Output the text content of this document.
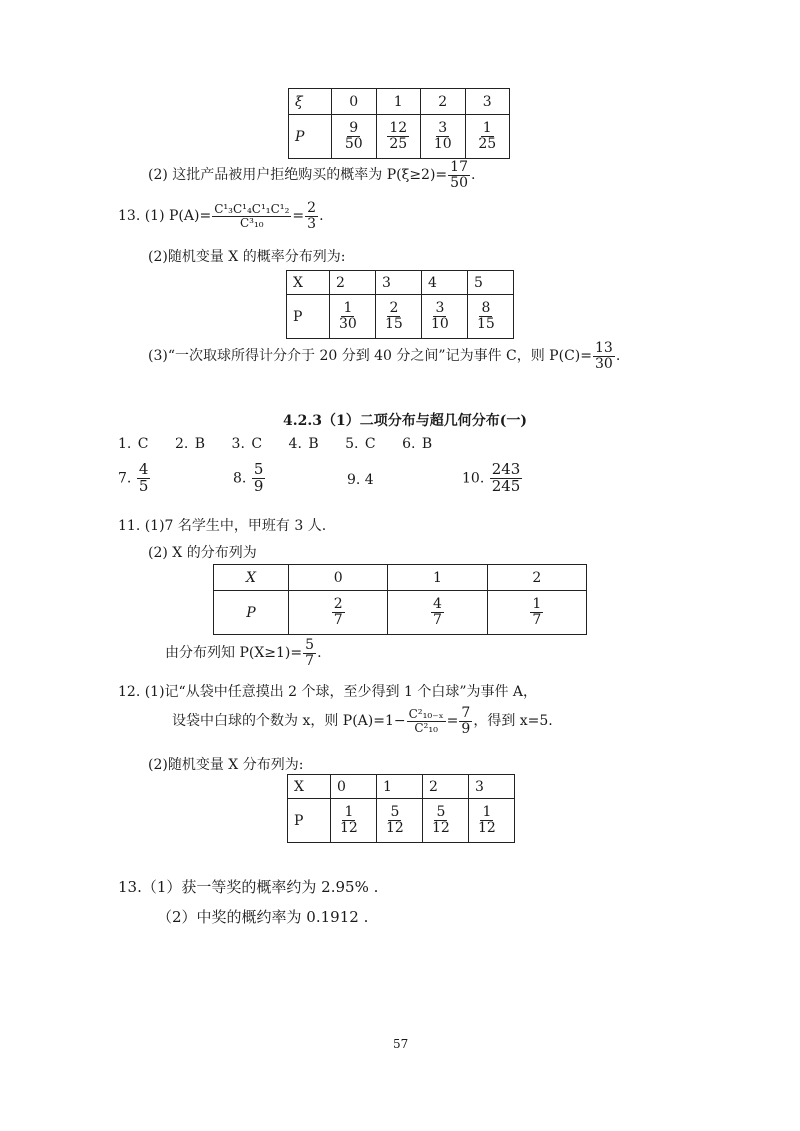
ξ	0	1	2	3
P	$\frac{9}{50}$	$\frac{12}{25}$	$\frac{3}{10}$	$\frac{1}{25}$
(2) 这批产品被用户拒绝购买的概率为 $P(\xi\ge 2)= \frac{17}{50}$ .
13. (1) $P(A)= \frac{\text{C¹₃C¹₄C¹₁C¹₂}}{\text{C³₁₀}} = \frac{2}{3}$ .
(2)随机变量 X 的概率分布列为:
X	2	3	4	5
P	$\frac{1}{30}$	$\frac{2}{15}$	$\frac{3}{10}$	$\frac{8}{15}$
(3)“一次取球所得计分介于 20 分到 40 分之间”记为事件 C，则 $P(C)= \frac{13}{30}$ .
4.2.3（1）二项分布与超几何分布(一)
1. C 2. B 3. C 4. B 5. C 6. B
7. $\frac{4}{5}$	8. $\frac{5}{9}$	9. 4	10. $\frac{243}{245}$
11. (1)7 名学生中，甲班有 3 人.
(2) X 的分布列为
X	0	1	2
P	$\frac{2}{7}$	$\frac{4}{7}$	$\frac{1}{7}$
由分布列知 $P(X\ge 1)= \frac{5}{7}$ .
12. (1)记“从袋中任意摸出 2 个球，至少得到 1 个白球”为事件 A，
设袋中白球的个数为 x，则 $P(A)=1- \frac{\text{C²₁₀₋ₓ}}{\text{C²₁₀}} = \frac{7}{9}$ ，得到 x=5.
(2)随机变量 X 分布列为:
X	0	1	2	3
P	$\frac{1}{12}$	$\frac{5}{12}$	$\frac{5}{12}$	$\frac{1}{12}$
13.（1）获一等奖的概率约为 2.95% .
（2）中奖的概约率为 0.1912 .
57
